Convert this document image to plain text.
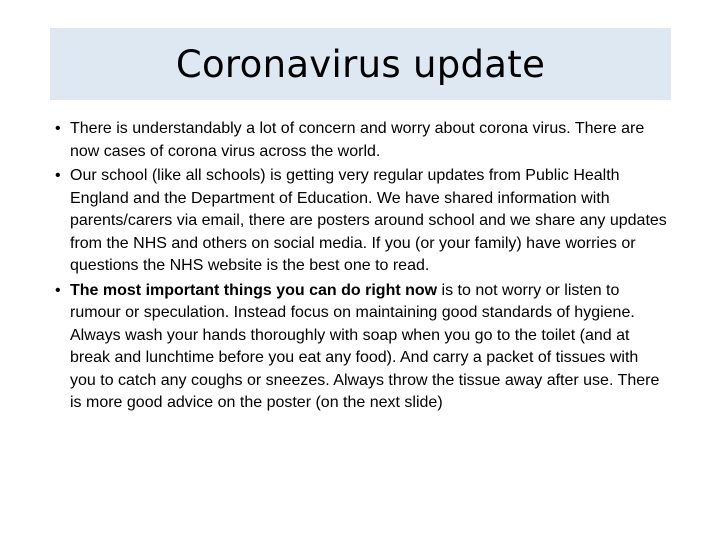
Coronavirus update
• There is understandably a lot of concern and worry about corona virus. There are now cases of corona virus across the world.
• Our school (like all schools) is getting very regular updates from Public Health England and the Department of Education. We have shared information with parents/carers via email, there are posters around school and we share any updates from the NHS and others on social media. If you (or your family) have worries or questions the NHS website is the best one to read.
• The most important things you can do right now is to not worry or listen to rumour or speculation. Instead focus on maintaining good standards of hygiene. Always wash your hands thoroughly with soap when you go to the toilet (and at break and lunchtime before you eat any food). And carry a packet of tissues with you to catch any coughs or sneezes. Always throw the tissue away after use. There is more good advice on the poster (on the next slide)
